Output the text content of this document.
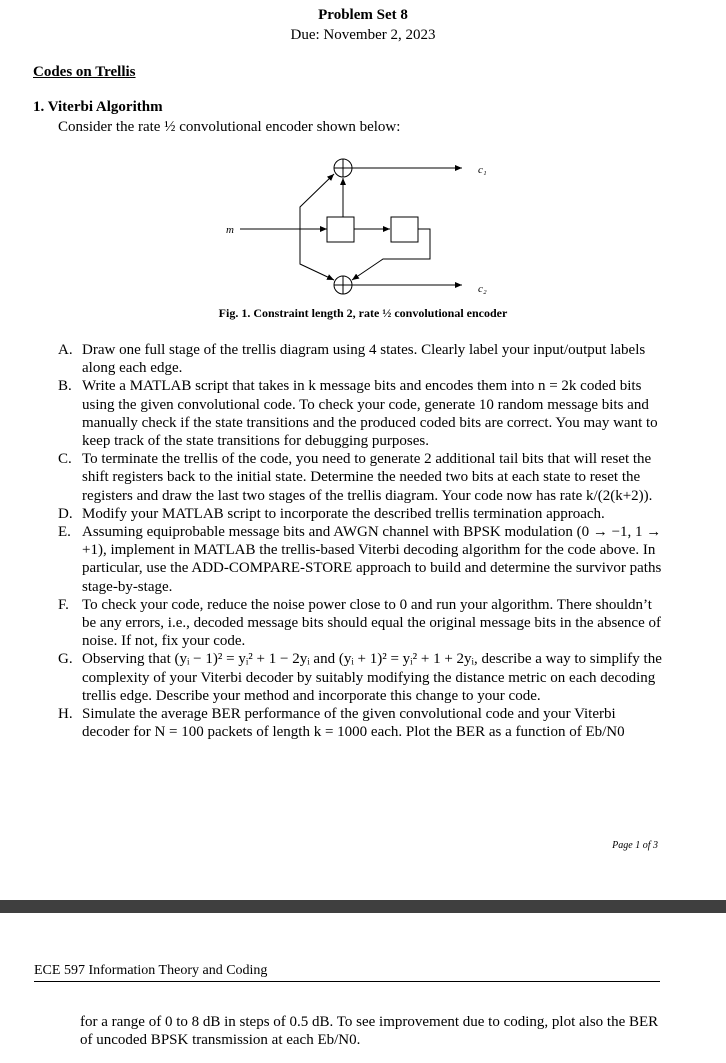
Problem Set 8
Due: November 2, 2023
Codes on Trellis
1. Viterbi Algorithm
Consider the rate ½ convolutional encoder shown below:
m
c₁
c₂
Fig. 1. Constraint length 2, rate ½ convolutional encoder
A. Draw one full stage of the trellis diagram using 4 states. Clearly label your input/output labels along each edge.
B. Write a MATLAB script that takes in k message bits and encodes them into n = 2k coded bits using the given convolutional code. To check your code, generate 10 random message bits and manually check if the state transitions and the produced coded bits are correct. You may want to keep track of the state transitions for debugging purposes.
C. To terminate the trellis of the code, you need to generate 2 additional tail bits that will reset the shift registers back to the initial state. Determine the needed two bits at each state to reset the registers and draw the last two stages of the trellis diagram. Your code now has rate k/(2(k+2)).
D. Modify your MATLAB script to incorporate the described trellis termination approach.
E. Assuming equiprobable message bits and AWGN channel with BPSK modulation (0 → −1, 1 → +1), implement in MATLAB the trellis-based Viterbi decoding algorithm for the code above. In particular, use the ADD-COMPARE-STORE approach to build and determine the survivor paths stage-by-stage.
F. To check your code, reduce the noise power close to 0 and run your algorithm. There shouldn’t be any errors, i.e., decoded message bits should equal the original message bits in the absence of noise. If not, fix your code.
G. Observing that (yᵢ − 1)² = yᵢ² + 1 − 2yᵢ and (yᵢ + 1)² = yᵢ² + 1 + 2yᵢ, describe a way to simplify the complexity of your Viterbi decoder by suitably modifying the distance metric on each decoding trellis edge. Describe your method and incorporate this change to your code.
H. Simulate the average BER performance of the given convolutional code and your Viterbi decoder for N = 100 packets of length k = 1000 each. Plot the BER as a function of Eb/N0
Page 1 of 3
ECE 597 Information Theory and Coding
for a range of 0 to 8 dB in steps of 0.5 dB. To see improvement due to coding, plot also the BER of uncoded BPSK transmission at each Eb/N0.
